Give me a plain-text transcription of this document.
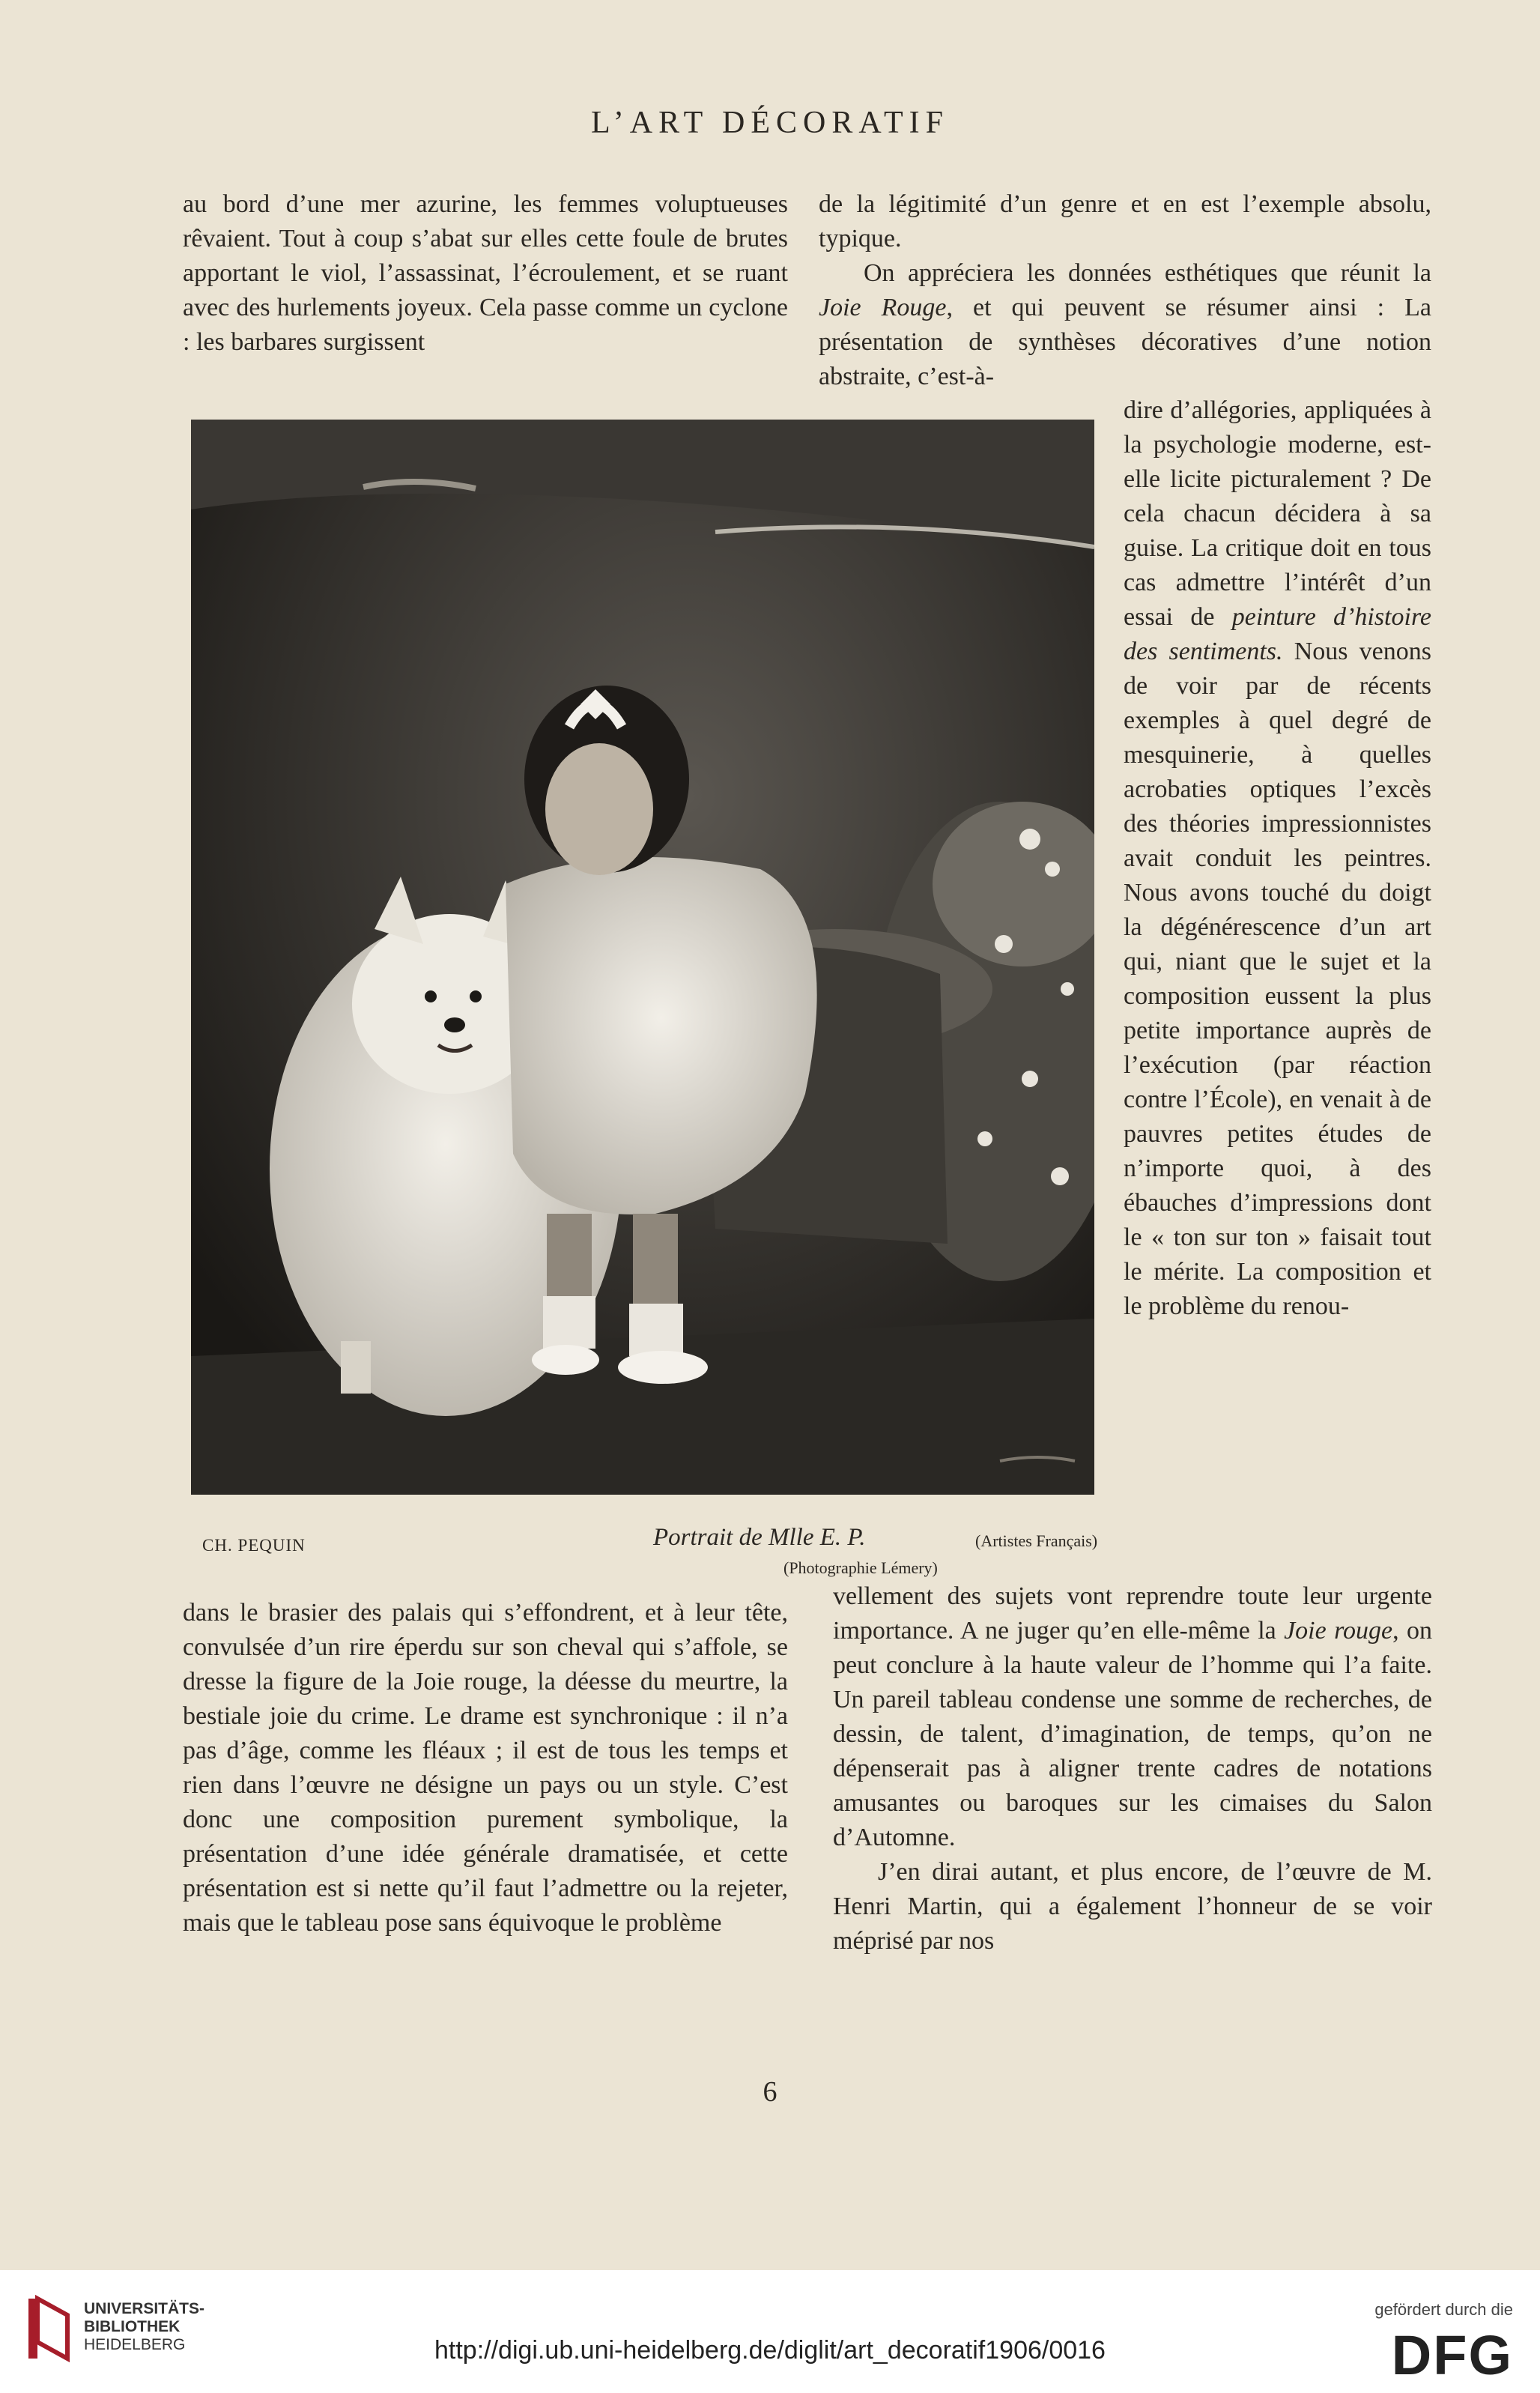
L’ART DÉCORATIF

au bord d’une mer azurine, les femmes voluptueuses rêvaient. Tout à coup s’abat sur elles cette foule de brutes apportant le viol, l’assassinat, l’écroulement, et se ruant avec des hurlements joyeux. Cela passe comme un cyclone : les barbares surgissent

de la légitimité d’un genre et en est l’exemple absolu, typique.

On appréciera les données esthétiques que réunit la Joie Rouge, et qui peuvent se résumer ainsi : La présentation de synthèses décoratives d’une notion abstraite, c’est-à-

dire d’allégories, appliquées à la psychologie moderne, est-elle licite picturalement ? De cela chacun décidera à sa guise. La critique doit en tous cas admettre l’intérêt d’un essai de peinture d’histoire des sentiments. Nous venons de voir par de récents exemples à quel degré de mesquinerie, à quelles acrobaties optiques l’excès des théories impressionnistes avait conduit les peintres. Nous avons touché du doigt la dégénérescence d’un art qui, niant que le sujet et la composition eussent la plus petite importance auprès de l’exécution (par réaction contre l’École), en venait à de pauvres petites études de n’importe quoi, à des ébauches d’impressions dont le « ton sur ton » faisait tout le mérite. La composition et le problème du renou-

CH. PEQUIN	Portrait de Mlle E. P.	(Artistes Français)
(Photographie Lémery)

dans le brasier des palais qui s’effondrent, et à leur tête, convulsée d’un rire éperdu sur son cheval qui s’affole, se dresse la figure de la Joie rouge, la déesse du meurtre, la bestiale joie du crime. Le drame est synchronique : il n’a pas d’âge, comme les fléaux ; il est de tous les temps et rien dans l’œuvre ne désigne un pays ou un style. C’est donc une composition purement symbolique, la présentation d’une idée générale dramatisée, et cette présentation est si nette qu’il faut l’admettre ou la rejeter, mais que le tableau pose sans équivoque le problème

vellement des sujets vont reprendre toute leur urgente importance. A ne juger qu’en elle-même la Joie rouge, on peut conclure à la haute valeur de l’homme qui l’a faite. Un pareil tableau condense une somme de recherches, de dessin, de talent, d’imagination, de temps, qu’on ne dépenserait pas à aligner trente cadres de notations amusantes ou baroques sur les cimaises du Salon d’Automne.

J’en dirai autant, et plus encore, de l’œuvre de M. Henri Martin, qui a également l’honneur de se voir méprisé par nos

6
UNIVERSITÄTS-
BIBLIOTHEK
HEIDELBERG	http://digi.ub.uni-heidelberg.de/diglit/art_decoratif1906/0016
gefördert durch die
DFG
